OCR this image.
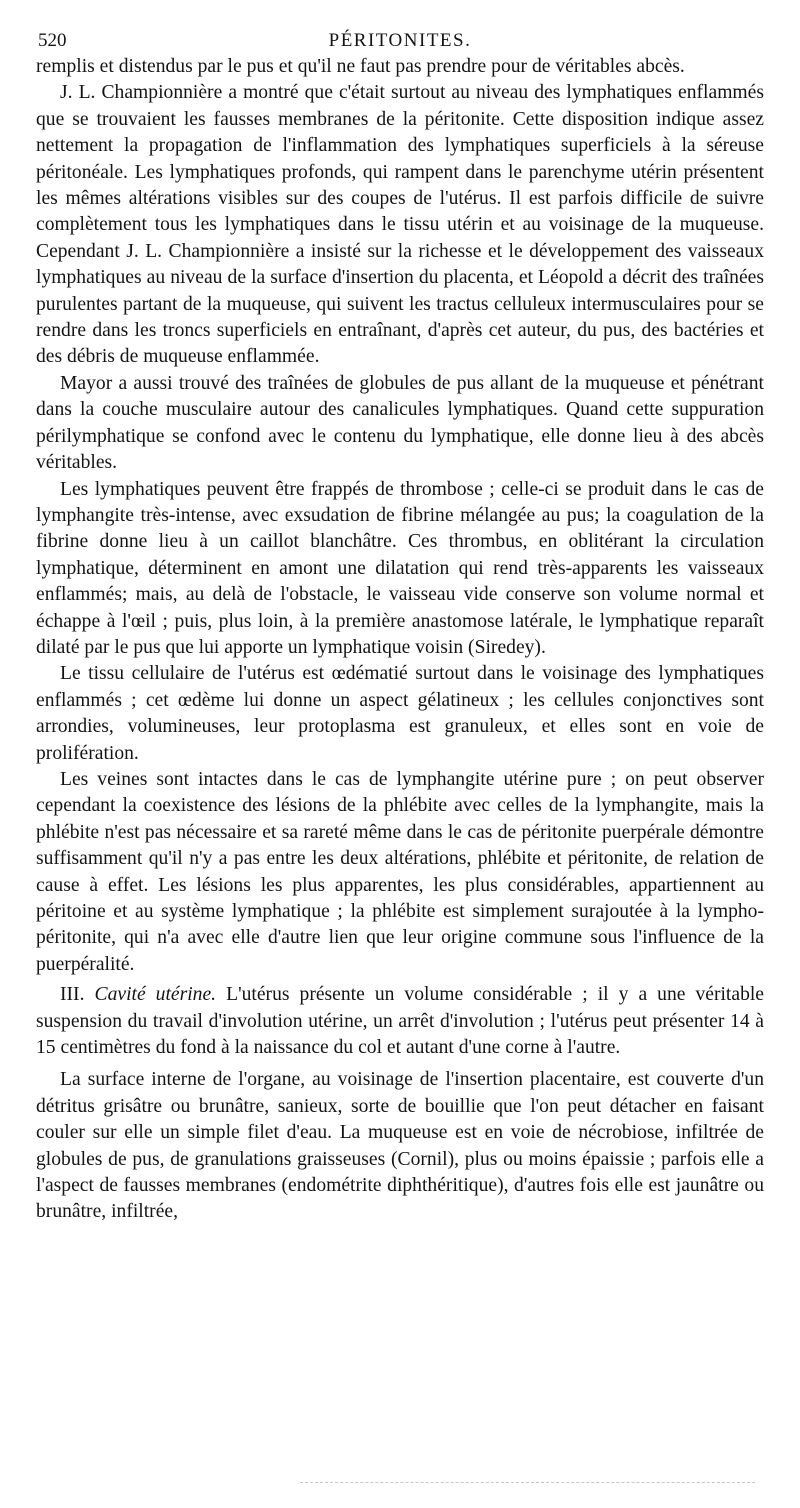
520	PÉRITONITES.

remplis et distendus par le pus et qu'il ne faut pas prendre pour de véritables abcès.

J. L. Championnière a montré que c'était surtout au niveau des lymphatiques enflammés que se trouvaient les fausses membranes de la péritonite. Cette disposition indique assez nettement la propagation de l'inflammation des lymphatiques superficiels à la séreuse péritonéale. Les lymphatiques profonds, qui rampent dans le parenchyme utérin présentent les mêmes altérations visibles sur des coupes de l'utérus. Il est parfois difficile de suivre complètement tous les lymphatiques dans le tissu utérin et au voisinage de la muqueuse. Cependant J. L. Championnière a insisté sur la richesse et le développement des vaisseaux lymphatiques au niveau de la surface d'insertion du placenta, et Léopold a décrit des traînées purulentes partant de la muqueuse, qui suivent les tractus celluleux intermusculaires pour se rendre dans les troncs superficiels en entraînant, d'après cet auteur, du pus, des bactéries et des débris de muqueuse enflammée.

Mayor a aussi trouvé des traînées de globules de pus allant de la muqueuse et pénétrant dans la couche musculaire autour des canalicules lymphatiques. Quand cette suppuration périlymphatique se confond avec le contenu du lymphatique, elle donne lieu à des abcès véritables.

Les lymphatiques peuvent être frappés de thrombose ; celle-ci se produit dans le cas de lymphangite très-intense, avec exsudation de fibrine mélangée au pus; la coagulation de la fibrine donne lieu à un caillot blanchâtre. Ces thrombus, en oblitérant la circulation lymphatique, déterminent en amont une dilatation qui rend très-apparents les vaisseaux enflammés; mais, au delà de l'obstacle, le vaisseau vide conserve son volume normal et échappe à l'œil ; puis, plus loin, à la première anastomose latérale, le lymphatique reparaît dilaté par le pus que lui apporte un lymphatique voisin (Siredey).

Le tissu cellulaire de l'utérus est œdématié surtout dans le voisinage des lymphatiques enflammés ; cet œdème lui donne un aspect gélatineux ; les cellules conjonctives sont arrondies, volumineuses, leur protoplasma est granuleux, et elles sont en voie de prolifération.

Les veines sont intactes dans le cas de lymphangite utérine pure ; on peut observer cependant la coexistence des lésions de la phlébite avec celles de la lymphangite, mais la phlébite n'est pas nécessaire et sa rareté même dans le cas de péritonite puerpérale démontre suffisamment qu'il n'y a pas entre les deux altérations, phlébite et péritonite, de relation de cause à effet. Les lésions les plus apparentes, les plus considérables, appartiennent au péritoine et au système lymphatique ; la phlébite est simplement surajoutée à la lympho-péritonite, qui n'a avec elle d'autre lien que leur origine commune sous l'influence de la puerpéralité.

III. Cavité utérine. L'utérus présente un volume considérable ; il y a une véritable suspension du travail d'involution utérine, un arrêt d'involution ; l'utérus peut présenter 14 à 15 centimètres du fond à la naissance du col et autant d'une corne à l'autre.

La surface interne de l'organe, au voisinage de l'insertion placentaire, est couverte d'un détritus grisâtre ou brunâtre, sanieux, sorte de bouillie que l'on peut détacher en faisant couler sur elle un simple filet d'eau. La muqueuse est en voie de nécrobiose, infiltrée de globules de pus, de granulations graisseuses (Cornil), plus ou moins épaissie ; parfois elle a l'aspect de fausses membranes (endométrite diphthéritique), d'autres fois elle est jaunâtre ou brunâtre, infiltrée,
